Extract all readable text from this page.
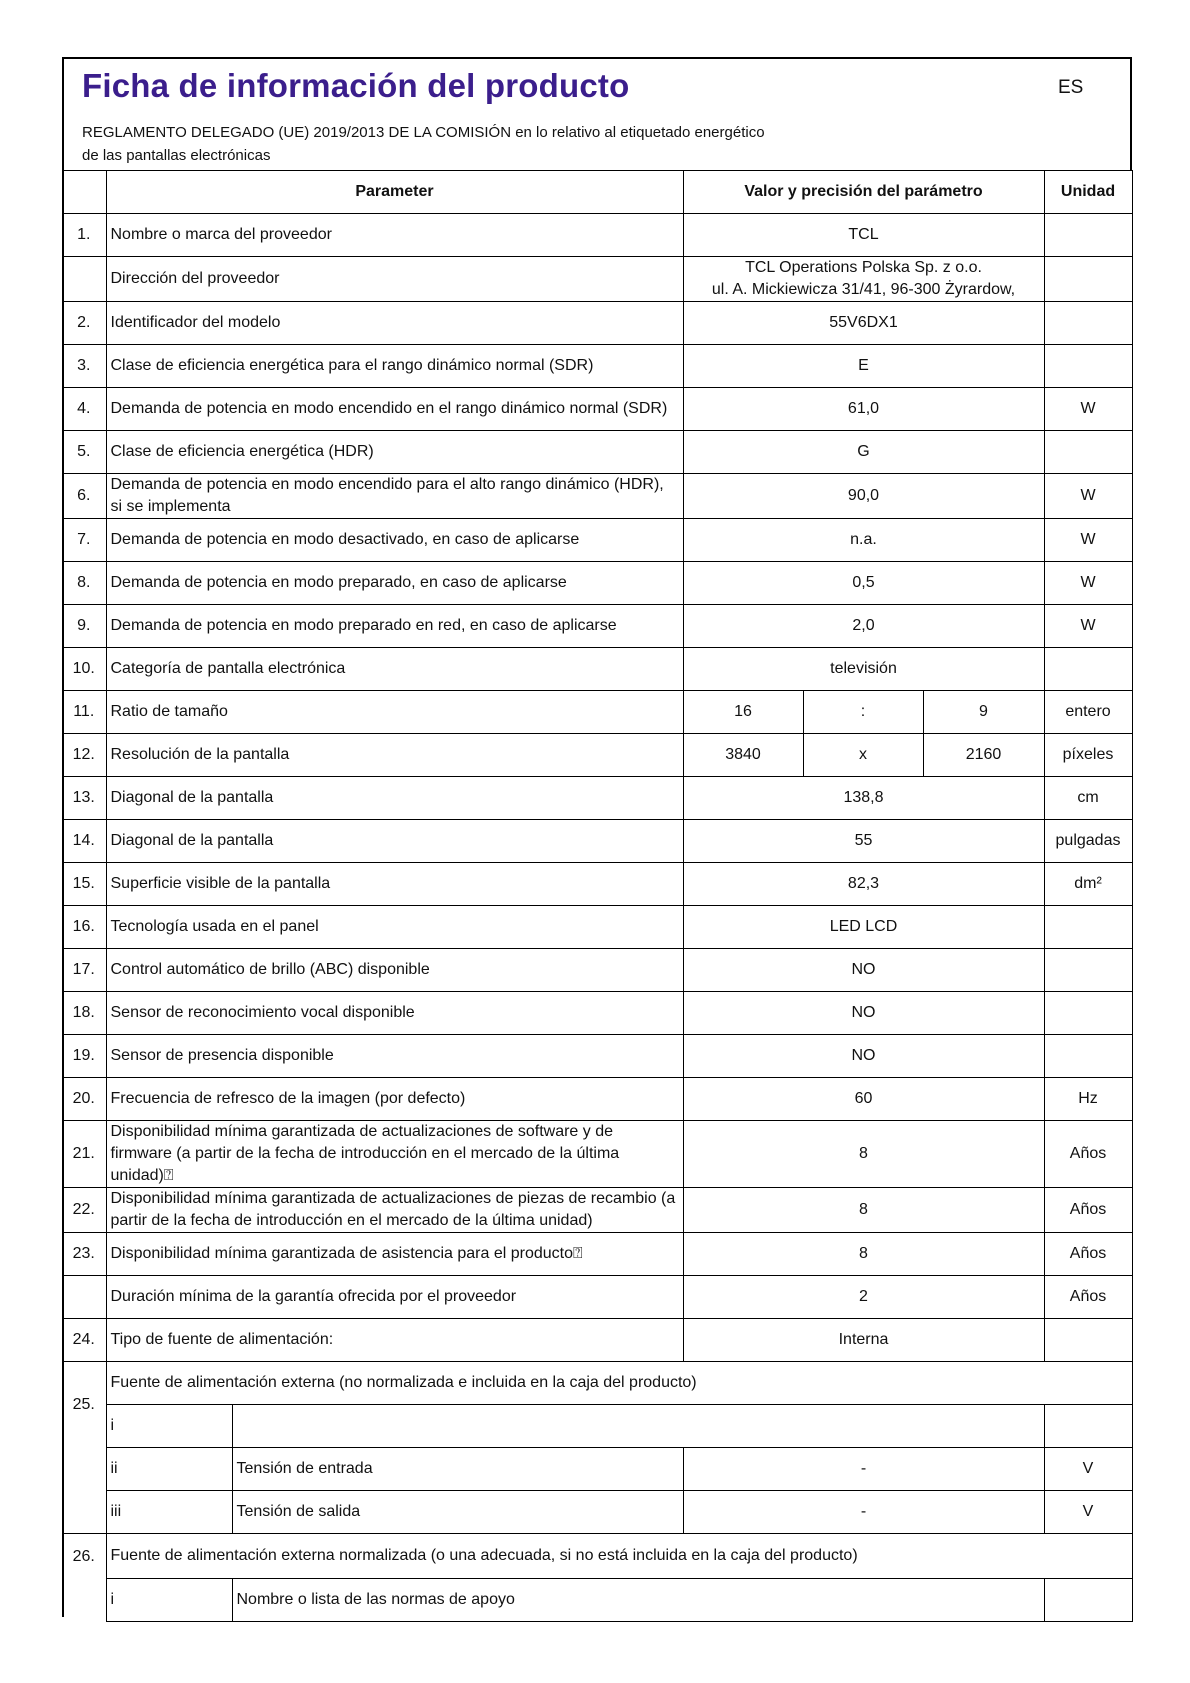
Ficha de información del producto	ES
REGLAMENTO DELEGADO (UE) 2019/2013 DE LA COMISIÓN en lo relativo al etiquetado energético
de las pantallas electrónicas
	Parameter		Valor y precisión del parámetro			Unidad
1.	Nombre o marca del proveedor		TCL			
	Dirección del proveedor		TCL Operations Polska Sp. z o.o.
ul. A. Mickiewicza 31/41, 96-300 Żyrardow,			

2.	Identificador del modelo		55V6DX1			
3.	Clase de eficiencia energética para el rango dinámico normal (SDR)		E			
4.	Demanda de potencia en modo encendido en el rango dinámico normal (SDR)		61,0			W
5.	Clase de eficiencia energética (HDR)		G			
6.	Demanda de potencia en modo encendido para el alto rango dinámico (HDR),
si se implementa		90,0			W
7.	Demanda de potencia en modo desactivado, en caso de aplicarse		n.a.			W
8.	Demanda de potencia en modo preparado, en caso de aplicarse		0,5			W
9.	Demanda de potencia en modo preparado en red, en caso de aplicarse		2,0			W
10.	Categoría de pantalla electrónica		televisión			
11.	Ratio de tamaño		16	:	9	entero
12.	Resolución de la pantalla		3840	x	2160	píxeles
13.	Diagonal de la pantalla		138,8			cm
14.	Diagonal de la pantalla		55			pulgadas
15.	Superficie visible de la pantalla		82,3			dm²
16.	Tecnología usada en el panel		LED LCD			
17.	Control automático de brillo (ABC) disponible		NO			
18.	Sensor de reconocimiento vocal disponible		NO			
19.	Sensor de presencia disponible		NO			
20.	Frecuencia de refresco de la imagen (por defecto)		60			Hz
21.	Disponibilidad mínima garantizada de actualizaciones de software y de
firmware (a partir de la fecha de introducción en el mercado de la última
unidad)⍰		8			Años
22.	Disponibilidad mínima garantizada de actualizaciones de piezas de recambio (a
partir de la fecha de introducción en el mercado de la última unidad)		8			Años
23.	Disponibilidad mínima garantizada de asistencia para el producto⍰		8			Años
	Duración mínima de la garantía ofrecida por el proveedor		2			Años
24.	Tipo de fuente de alimentación:		Interna			
25.	Fuente de alimentación externa (no normalizada e incluida en la caja del producto)					
	i					
	ii	Tensión de entrada	-			V
	iii	Tensión de salida	-			V
26.	Fuente de alimentación externa normalizada (o una adecuada, si no está incluida en la caja del producto)					
	i	Nombre o lista de las normas de apoyo				
